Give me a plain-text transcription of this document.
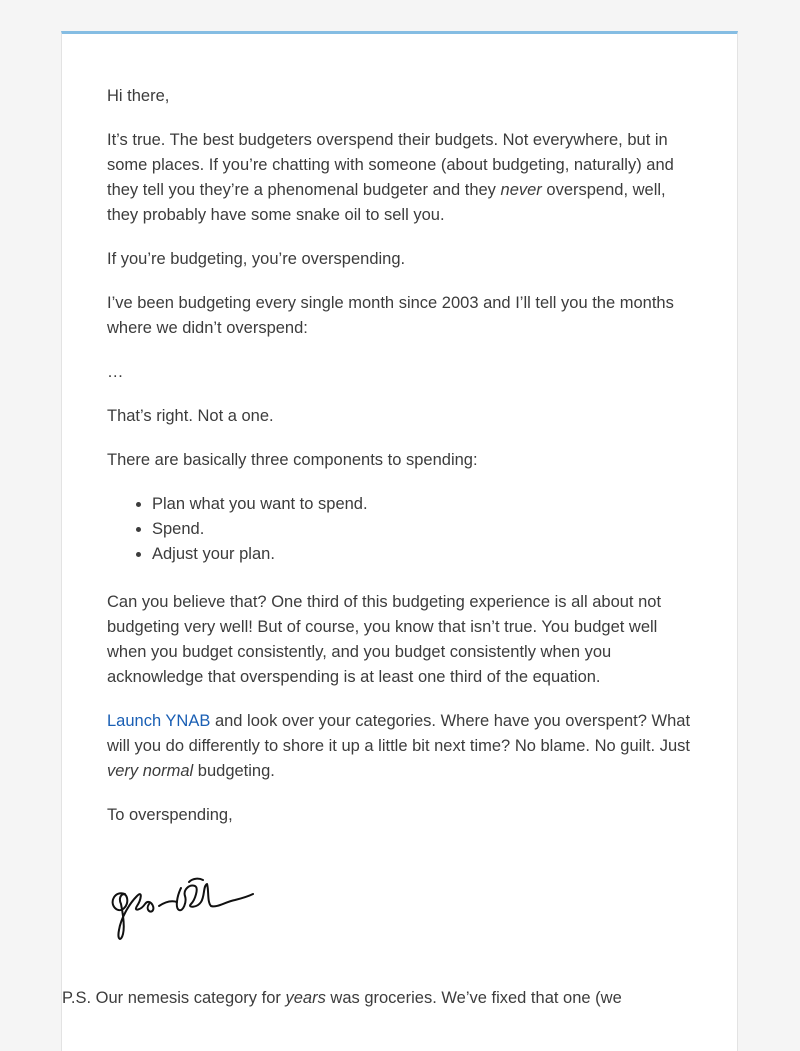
Hi there,

It’s true. The best budgeters overspend their budgets. Not everywhere, but in some places. If you’re chatting with someone (about budgeting, naturally) and they tell you they’re a phenomenal budgeter and they never overspend, well, they probably have some snake oil to sell you.

If you’re budgeting, you’re overspending.

I’ve been budgeting every single month since 2003 and I’ll tell you the months where we didn’t overspend:

…

That’s right. Not a one.

There are basically three components to spending:

• Plan what you want to spend.
• Spend.
• Adjust your plan.

Can you believe that? One third of this budgeting experience is all about not budgeting very well! But of course, you know that isn’t true. You budget well when you budget consistently, and you budget consistently when you acknowledge that overspending is at least one third of the equation.

Launch YNAB and look over your categories. Where have you overspent? What will you do differently to shore it up a little bit next time? No blame. No guilt. Just very normal budgeting.

To overspending,

P.S. Our nemesis category for years was groceries. We’ve fixed that one (we
